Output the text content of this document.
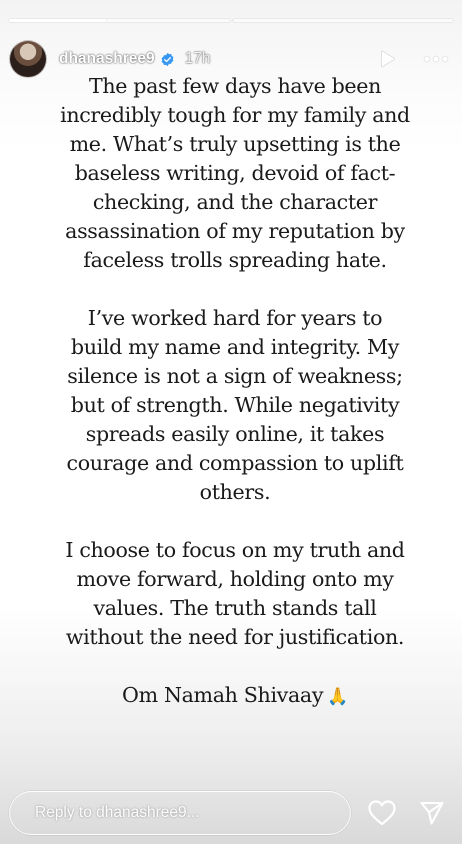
dhanashree9 17h

The past few days have been incredibly tough for my family and me. What’s truly upsetting is the baseless writing, devoid of fact-checking, and the character assassination of my reputation by faceless trolls spreading hate.

I’ve worked hard for years to build my name and integrity. My silence is not a sign of weakness; but of strength. While negativity spreads easily online, it takes courage and compassion to uplift others.

I choose to focus on my truth and move forward, holding onto my values. The truth stands tall without the need for justification.

Om Namah Shivaay 🙏
Reply to dhanashree9...
